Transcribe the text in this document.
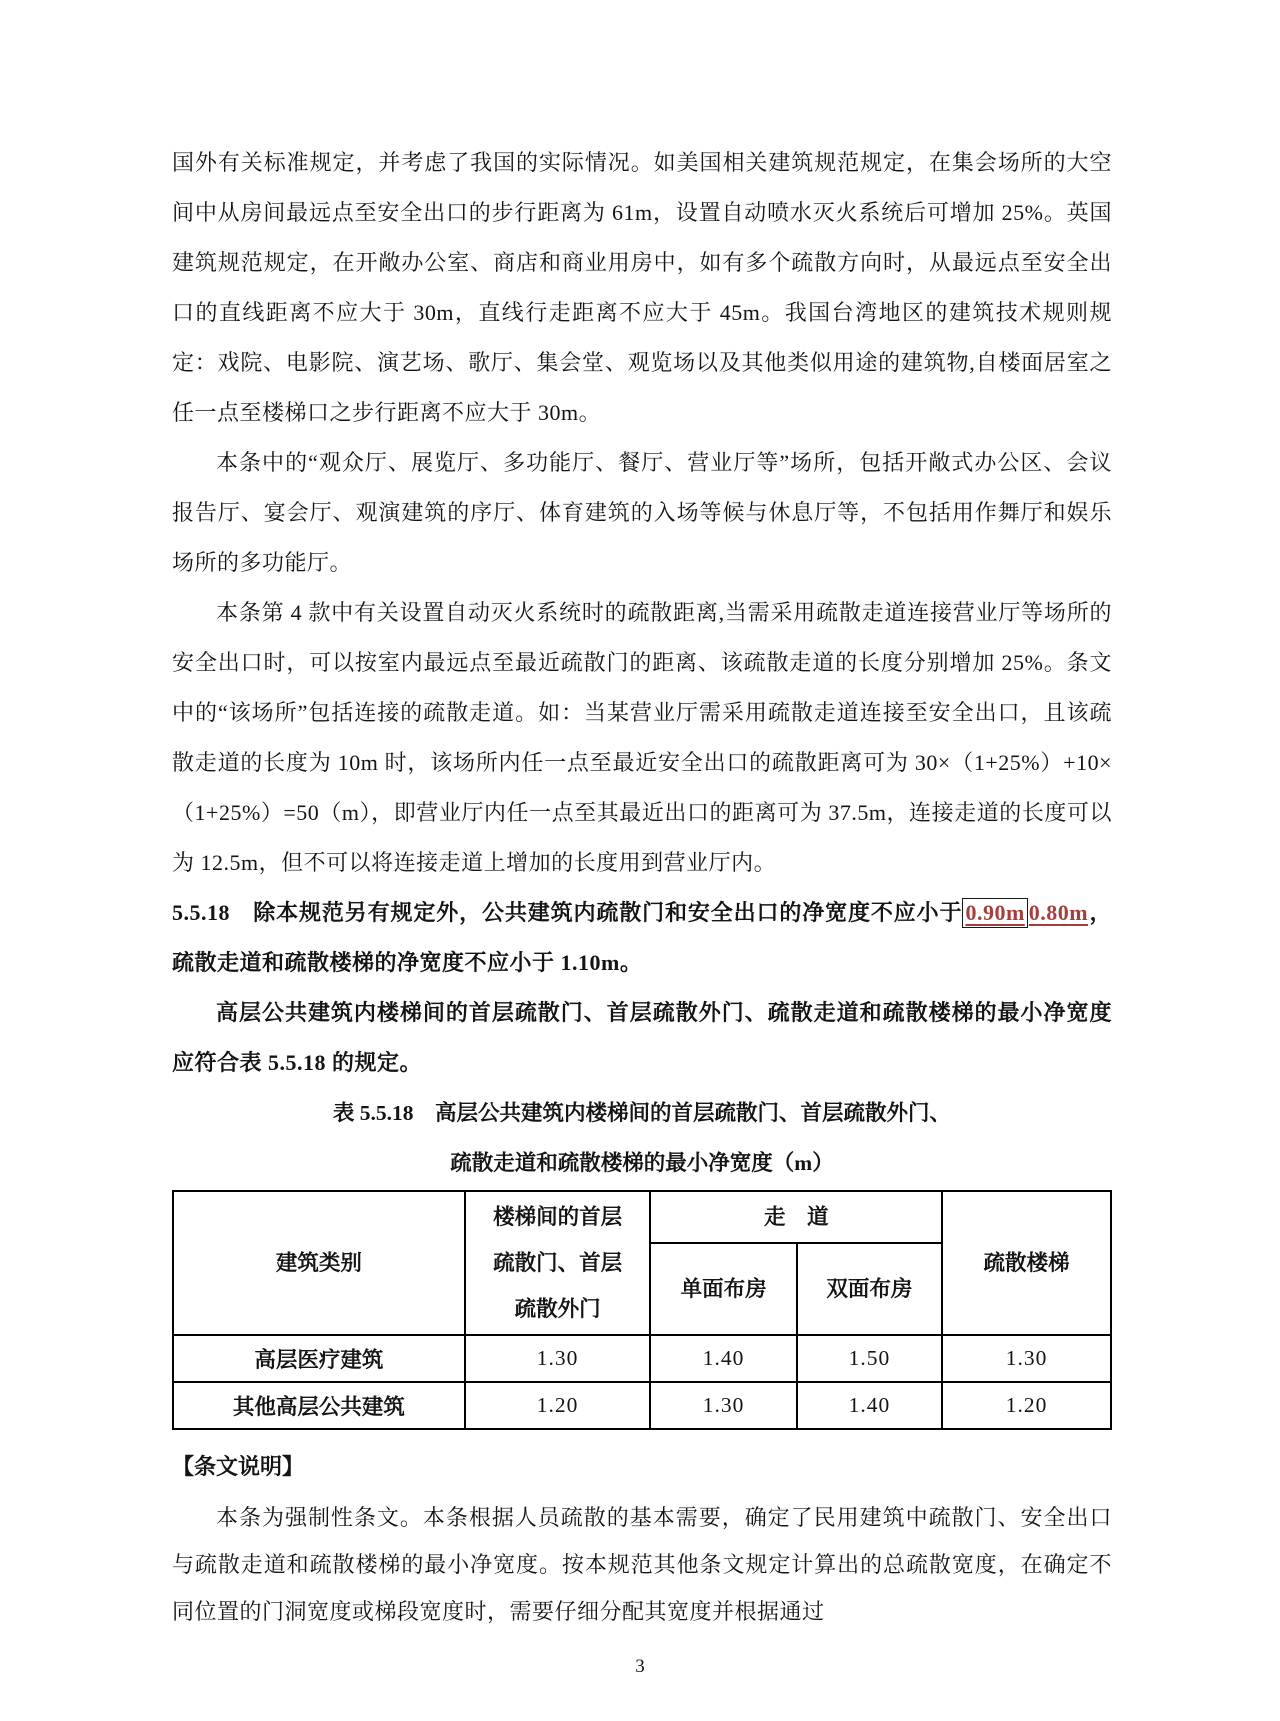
国外有关标准规定，并考虑了我国的实际情况。如美国相关建筑规范规定，在集会场所的大空间中从房间最远点至安全出口的步行距离为 61m，设置自动喷水灭火系统后可增加 25%。英国建筑规范规定，在开敞办公室、商店和商业用房中，如有多个疏散方向时，从最远点至安全出口的直线距离不应大于 30m，直线行走距离不应大于 45m。我国台湾地区的建筑技术规则规定：戏院、电影院、演艺场、歌厅、集会堂、观览场以及其他类似用途的建筑物,自楼面居室之任一点至楼梯口之步行距离不应大于 30m。

本条中的“观众厅、展览厅、多功能厅、餐厅、营业厅等”场所，包括开敞式办公区、会议报告厅、宴会厅、观演建筑的序厅、体育建筑的入场等候与休息厅等，不包括用作舞厅和娱乐场所的多功能厅。

本条第 4 款中有关设置自动灭火系统时的疏散距离,当需采用疏散走道连接营业厅等场所的安全出口时，可以按室内最远点至最近疏散门的距离、该疏散走道的长度分别增加 25%。条文中的“该场所”包括连接的疏散走道。如：当某营业厅需采用疏散走道连接至安全出口，且该疏散走道的长度为 10m 时，该场所内任一点至最近安全出口的疏散距离可为 30×（1+25%）+10×（1+25%）=50（m），即营业厅内任一点至其最近出口的距离可为 37.5m，连接走道的长度可以为 12.5m，但不可以将连接走道上增加的长度用到营业厅内。

5.5.18　除本规范另有规定外，公共建筑内疏散门和安全出口的净宽度不应小于 0.90m 0.80m，疏散走道和疏散楼梯的净宽度不应小于 1.10m。

高层公共建筑内楼梯间的首层疏散门、首层疏散外门、疏散走道和疏散楼梯的最小净宽度应符合表 5.5.18 的规定。

表 5.5.18　高层公共建筑内楼梯间的首层疏散门、首层疏散外门、
疏散走道和疏散楼梯的最小净宽度（m）
建筑类别	楼梯间的首层疏散门、首层疏散外门	走　道		疏散楼梯
		单面布房	双面布房	
高层医疗建筑	1.30	1.40	1.50	1.30
其他高层公共建筑	1.20	1.30	1.40	1.20

【条文说明】

本条为强制性条文。本条根据人员疏散的基本需要，确定了民用建筑中疏散门、安全出口与疏散走道和疏散楼梯的最小净宽度。按本规范其他条文规定计算出的总疏散宽度，在确定不同位置的门洞宽度或梯段宽度时，需要仔细分配其宽度并根据通过

3
